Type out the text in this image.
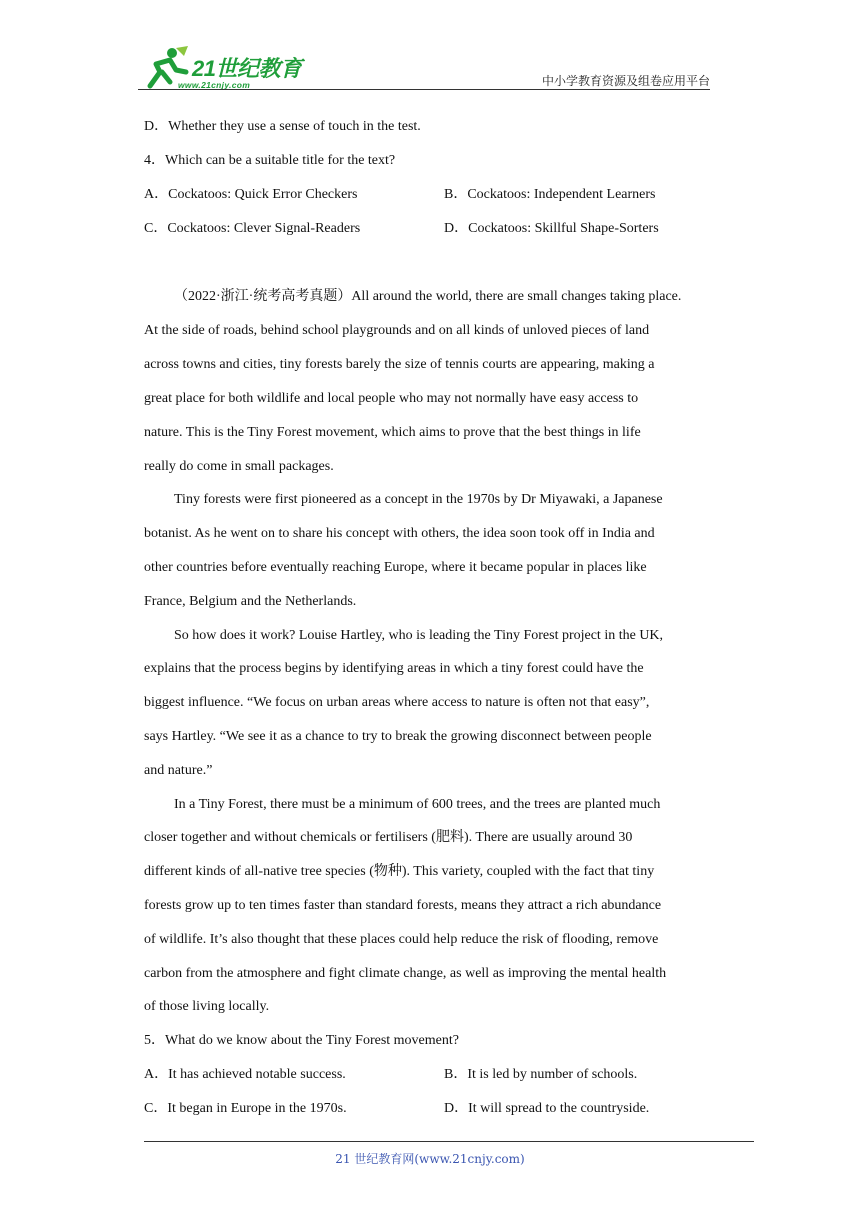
21世纪教育
www.21cnjy.com	中小学教育资源及组卷应用平台
D．Whether they use a sense of touch in the test.
4．Which can be a suitable title for the text?
A．Cockatoos: Quick Error Checkers	B．Cockatoos: Independent Learners
C．Cockatoos: Clever Signal-Readers	D．Cockatoos: Skillful Shape-Sorters
（2022·浙江·统考高考真题）All around the world, there are small changes taking place.
At the side of roads, behind school playgrounds and on all kinds of unloved pieces of land
across towns and cities, tiny forests barely the size of tennis courts are appearing, making a
great place for both wildlife and local people who may not normally have easy access to
nature. This is the Tiny Forest movement, which aims to prove that the best things in life
really do come in small packages.
Tiny forests were first pioneered as a concept in the 1970s by Dr Miyawaki, a Japanese
botanist. As he went on to share his concept with others, the idea soon took off in India and
other countries before eventually reaching Europe, where it became popular in places like
France, Belgium and the Netherlands.
So how does it work? Louise Hartley, who is leading the Tiny Forest project in the UK,
explains that the process begins by identifying areas in which a tiny forest could have the
biggest influence. “We focus on urban areas where access to nature is often not that easy”,
says Hartley. “We see it as a chance to try to break the growing disconnect between people
and nature.”
In a Tiny Forest, there must be a minimum of 600 trees, and the trees are planted much
closer together and without chemicals or fertilisers (肥料). There are usually around 30
different kinds of all-native tree species (物种). This variety, coupled with the fact that tiny
forests grow up to ten times faster than standard forests, means they attract a rich abundance
of wildlife. It’s also thought that these places could help reduce the risk of flooding, remove
carbon from the atmosphere and fight climate change, as well as improving the mental health
of those living locally.
5．What do we know about the Tiny Forest movement?
A．It has achieved notable success.	B．It is led by number of schools.
C．It began in Europe in the 1970s.	D．It will spread to the countryside.
21 世纪教育网(www.21cnjy.com)
